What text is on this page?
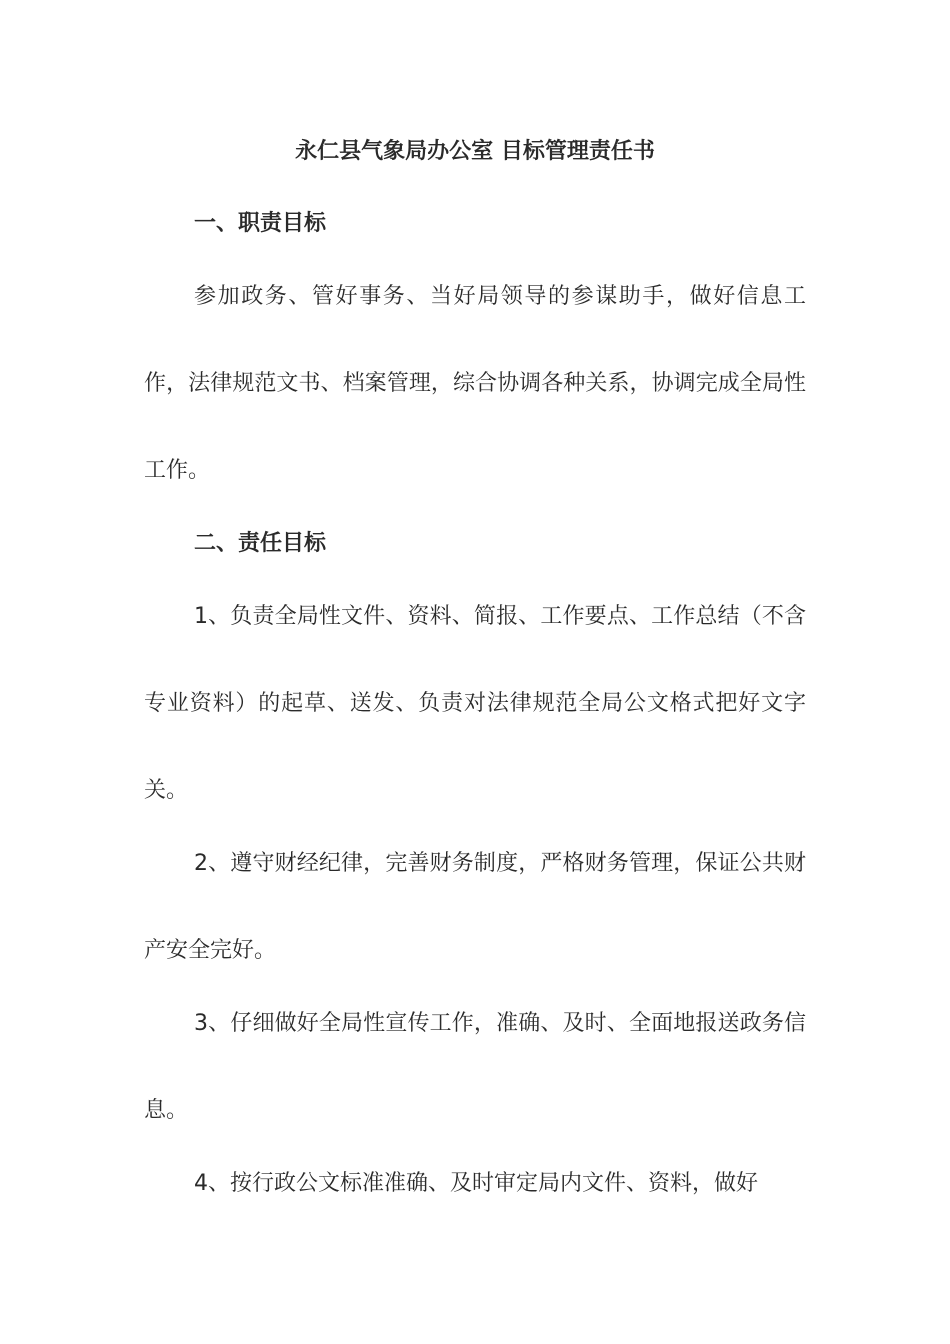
永仁县气象局办公室 目标管理责任书
一、职责目标

参加政务、管好事务、当好局领导的参谋助手，做好信息工作，法律规范文书、档案管理，综合协调各种关系，协调完成全局性工作。

二、责任目标

1、负责全局性文件、资料、简报、工作要点、工作总结（不含专业资料）的起草、送发、负责对法律规范全局公文格式把好文字关。

2、遵守财经纪律，完善财务制度，严格财务管理，保证公共财产安全完好。

3、仔细做好全局性宣传工作，准确、及时、全面地报送政务信息。

4、按行政公文标准准确、及时审定局内文件、资料，做好
